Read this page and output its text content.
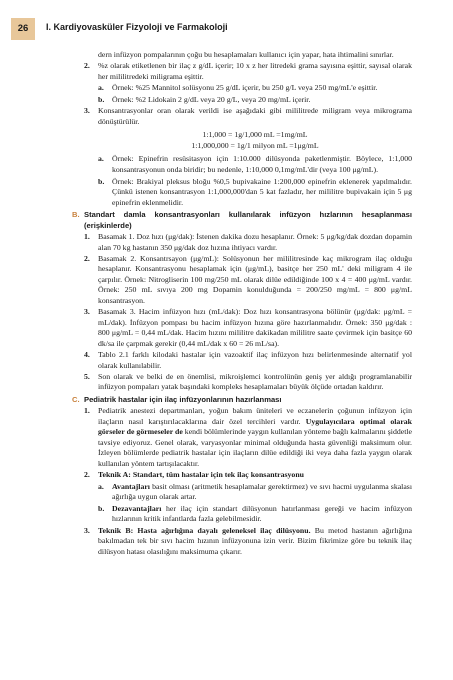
26	I. Kardiyovasküler Fizyoloji ve Farmakoloji

dern infüzyon pompalarının çoğu bu hesaplamaları kullanıcı için yapar, hata ihtimalini sınırlar.

2. %z olarak etiketlenen bir ilaç z g/dL içerir; 10 x z her litredeki grama sayısına eşittir, sayısal olarak her mililitredeki miligrama eşittir.

a. Örnek: %25 Mannitol solüsyonu 25 g/dL içerir, bu 250 g/L veya 250 mg/mL'e eşittir.

b. Örnek: %2 Lidokain 2 g/dL veya 20 g/L, veya 20 mg/mL içerir.

3. Konsantrasyonlar oran olarak verildi ise aşağıdaki gibi mililitrede miligram veya mikrograma dönüştürülür.

1:1,000 = 1g/1,000 mL =1mg/mL

1:1,000,000 = 1g/1 milyon mL =1μg/mL

a. Örnek: Epinefrin resüsitasyon için 1:10.000 dilüsyonda paketlenmiştir. Böylece, 1:1,000 konsantrasyonun onda biridir; bu nedenle, 1:10,000 0,1mg/mL'dir (veya 100 μg/mL).

b. Örnek: Brakiyal pleksus bloğu %0,5 bupivakaine 1:200,000 epinefrin eklenerek yapılmalıdır. Çünkü istenen konsantrasyon 1:1,000,000'dan 5 kat fazladır, her mililitre bupivakain için 5 μg epinefrin eklenmelidir.

B. Standart damla konsantrasyonları kullanılarak infüzyon hızlarının hesaplanması (erişkinlerde)

1. Basamak 1. Doz hızı (μg/dak): İstenen dakika dozu hesaplanır. Örnek: 5 μg/kg/dak dozdan dopamin alan 70 kg hastanın 350 μg/dak doz hızına ihtiyacı vardır.

2. Basamak 2. Konsantrsayon (μg/mL): Solüsyonun her mililitresinde kaç mikrogram ilaç olduğu hesaplanır. Konsantrasyonu hesaplamak için (μg/mL), basitçe her 250 mL' deki miligram 4 ile çarpılır. Örnek: Nitrogliserin 100 mg/250 mL olarak dilüe edildiğinde 100 x 4 = 400 μg/mL vardır. Örnek: 250 mL sıvıya 200 mg Dopamin konulduğunda = 200/250 mg/mL = 800 μg/mL konsantrasyon.

3. Basamak 3. Hacim infüzyon hızı (mL/dak): Doz hızı konsantrasyona bölünür (μg/dak: μg/mL = mL/dak). İnfüzyon pompası bu hacim infüzyon hızına göre hazırlanmalıdır. Örnek: 350 μg/dak : 800 μg/mL = 0,44 mL/dak. Hacim hızını mililitre dakikadan mililitre saate çevirmek için basitçe 60 dk/sa ile çarpmak gerekir (0,44 mL/dak x 60 = 26 mL/sa).

4. Tablo 2.1 farklı kilodaki hastalar için vazoaktif ilaç infüzyon hızı belirlenmesinde alternatif yol olarak kullanılabilir.

5. Son olarak ve belki de en önemlisi, mikroişlemci kontrolünün geniş yer aldığı programlanabilir infüzyon pompaları yatak başındaki kompleks hesaplamaları büyük ölçüde ortadan kaldırır.

C. Pediatrik hastalar için ilaç infüzyonlarının hazırlanması

1. Pediatrik anestezi departmanları, yoğun bakım üniteleri ve eczanelerin çoğunun infüzyon için ilaçların nasıl karıştırılacaklarına dair özel tercihleri vardır. Uygulayıcılara optimal olarak görseler de görmeseler de kendi bölümlerinde yaygın kullanılan yönteme bağlı kalmalarını şiddetle tavsiye ediyoruz. Genel olarak, varyasyonlar minimal olduğunda hasta güvenliği maksimum olur. İzleyen bölümlerde pediatrik hastalar için ilaçların dilüe edildiği iki veya daha fazla yaygın olarak kullanılan yöntem tartışılacaktır.

2. Teknik A: Standart, tüm hastalar için tek ilaç konsantrasyonu

a. Avantajları basit olması (aritmetik hesaplamalar gerektirmez) ve sıvı hacmi uygulanma skalası ağırlığa uygun olarak artar.

b. Dezavantajları her ilaç için standart dilüsyonun hatırlanması gereği ve hacim infüzyon hızlarının kritik infantlarda fazla gelebilmesidir.

3. Teknik B: Hasta ağırlığına dayalı geleneksel ilaç dilüsyonu. Bu metod hastanın ağırlığına bakılmadan tek bir sıvı hacim hızının infüzyonuna izin verir. Bizim fikrimize göre bu teknik ilaç dilüsyon hatası olasılığını maksimuma çıkarır.
